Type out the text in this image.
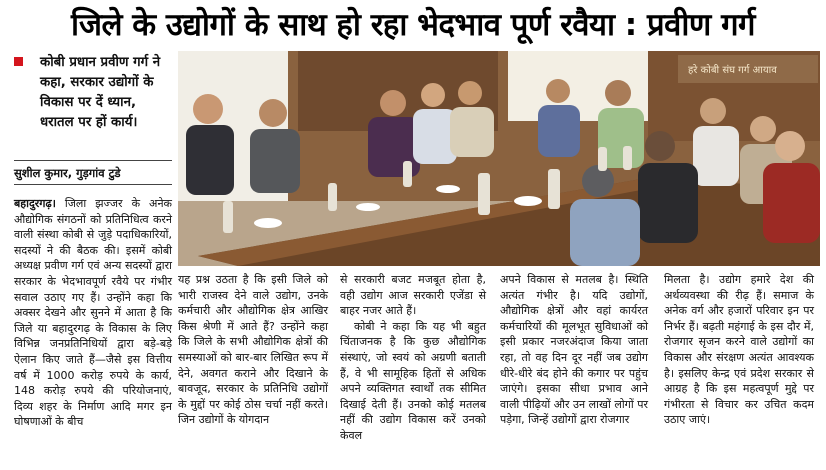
जिले के उद्योगों के साथ हो रहा भेदभाव पूर्ण रवैया : प्रवीण गर्ग
कोबी प्रधान प्रवीण गर्ग ने कहा, सरकार उद्योगों के विकास पर दें ध्यान, धरातल पर हों कार्य।
सुशील कुमार, गुड़गांव टुडे
हरे कोबी संघ गर्ग आयाव

बहादुरगढ़। जिला झज्जर के अनेक औद्योगिक संगठनों को प्रतिनिधित्व करने वाली संस्था कोबी से जुड़े पदाधिकारियों, सदस्यों ने की बैठक की। इसमें कोबी अध्यक्ष प्रवीण गर्ग एवं अन्य सदस्यों द्वारा सरकार के भेदभावपूर्ण रवैये पर गंभीर सवाल उठाए गए हैं। उन्होंने कहा कि अक्सर देखने और सुनने में आता है कि जिले या बहादुरगढ़ के विकास के लिए विभिन्न जनप्रतिनिधियों द्वारा बड़े-बड़े ऐलान किए जाते हैं—जैसे इस वित्तीय वर्ष में 1000 करोड़ रुपये के कार्य, 148 करोड़ रुपये की परियोजनाएं, दिव्य शहर के निर्माण आदि मगर इन घोषणाओं के बीच

यह प्रश्न उठता है कि इसी जिले को भारी राजस्व देने वाले उद्योग, उनके कर्मचारी और औद्योगिक क्षेत्र आखिर किस श्रेणी में आते हैं? उन्होंने कहा कि जिले के सभी औद्योगिक क्षेत्रों की समस्याओं को बार-बार लिखित रूप में देने, अवगत कराने और दिखाने के बावजूद, सरकार के प्रतिनिधि उद्योगों के मुद्दों पर कोई ठोस चर्चा नहीं करते। जिन उद्योगों के योगदान

से सरकारी बजट मजबूत होता है, वही उद्योग आज सरकारी एजेंडा से बाहर नजर आते हैं।

कोबी ने कहा कि यह भी बहुत चिंताजनक है कि कुछ औद्योगिक संस्थाएं, जो स्वयं को अग्रणी बताती हैं, वे भी सामूहिक हितों से अधिक अपने व्यक्तिगत स्वार्थों तक सीमित दिखाई देती हैं। उनको कोई मतलब नहीं की उद्योग विकास करें उनको केवल

अपने विकास से मतलब है। स्थिति अत्यंत गंभीर है। यदि उद्योगों, औद्योगिक क्षेत्रों और वहां कार्यरत कर्मचारियों की मूलभूत सुविधाओं को इसी प्रकार नजरअंदाज किया जाता रहा, तो वह दिन दूर नहीं जब उद्योग धीरे-धीरे बंद होने की कगार पर पहुंच जाएंगे। इसका सीधा प्रभाव आने वाली पीढ़ियों और उन लाखों लोगों पर पड़ेगा, जिन्हें उद्योगों द्वारा रोजगार

मिलता है। उद्योग हमारे देश की अर्थव्यवस्था की रीढ़ हैं। समाज के अनेक वर्ग और हजारों परिवार इन पर निर्भर हैं। बढ़ती महंगाई के इस दौर में, रोजगार सृजन करने वाले उद्योगों का विकास और संरक्षण अत्यंत आवश्यक है। इसलिए केन्द्र एवं प्रदेश सरकार से आग्रह है कि इस महत्वपूर्ण मुद्दे पर गंभीरता से विचार कर उचित कदम उठाए जाएं।
